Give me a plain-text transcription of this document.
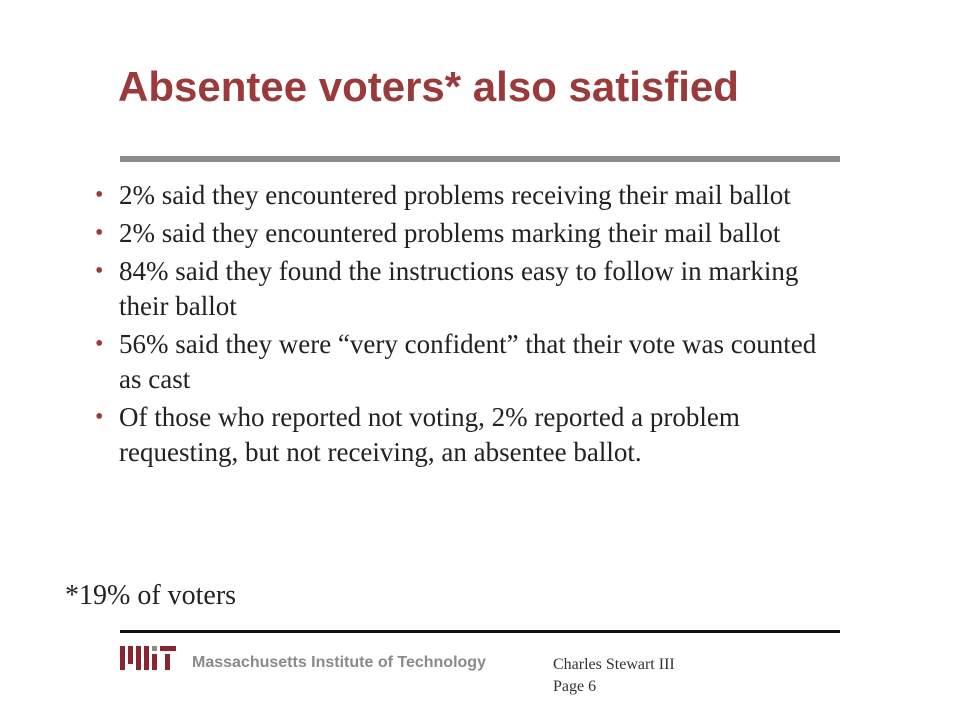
Absentee voters* also satisfied
• 2% said they encountered problems receiving their mail ballot
• 2% said they encountered problems marking their mail ballot
• 84% said they found the instructions easy to follow in marking their ballot
• 56% said they were “very confident” that their vote was counted as cast
• Of those who reported not voting, 2% reported a problem requesting, but not receiving, an absentee ballot.
*19% of voters
Massachusetts Institute of Technology	Charles Stewart III
Page 6
